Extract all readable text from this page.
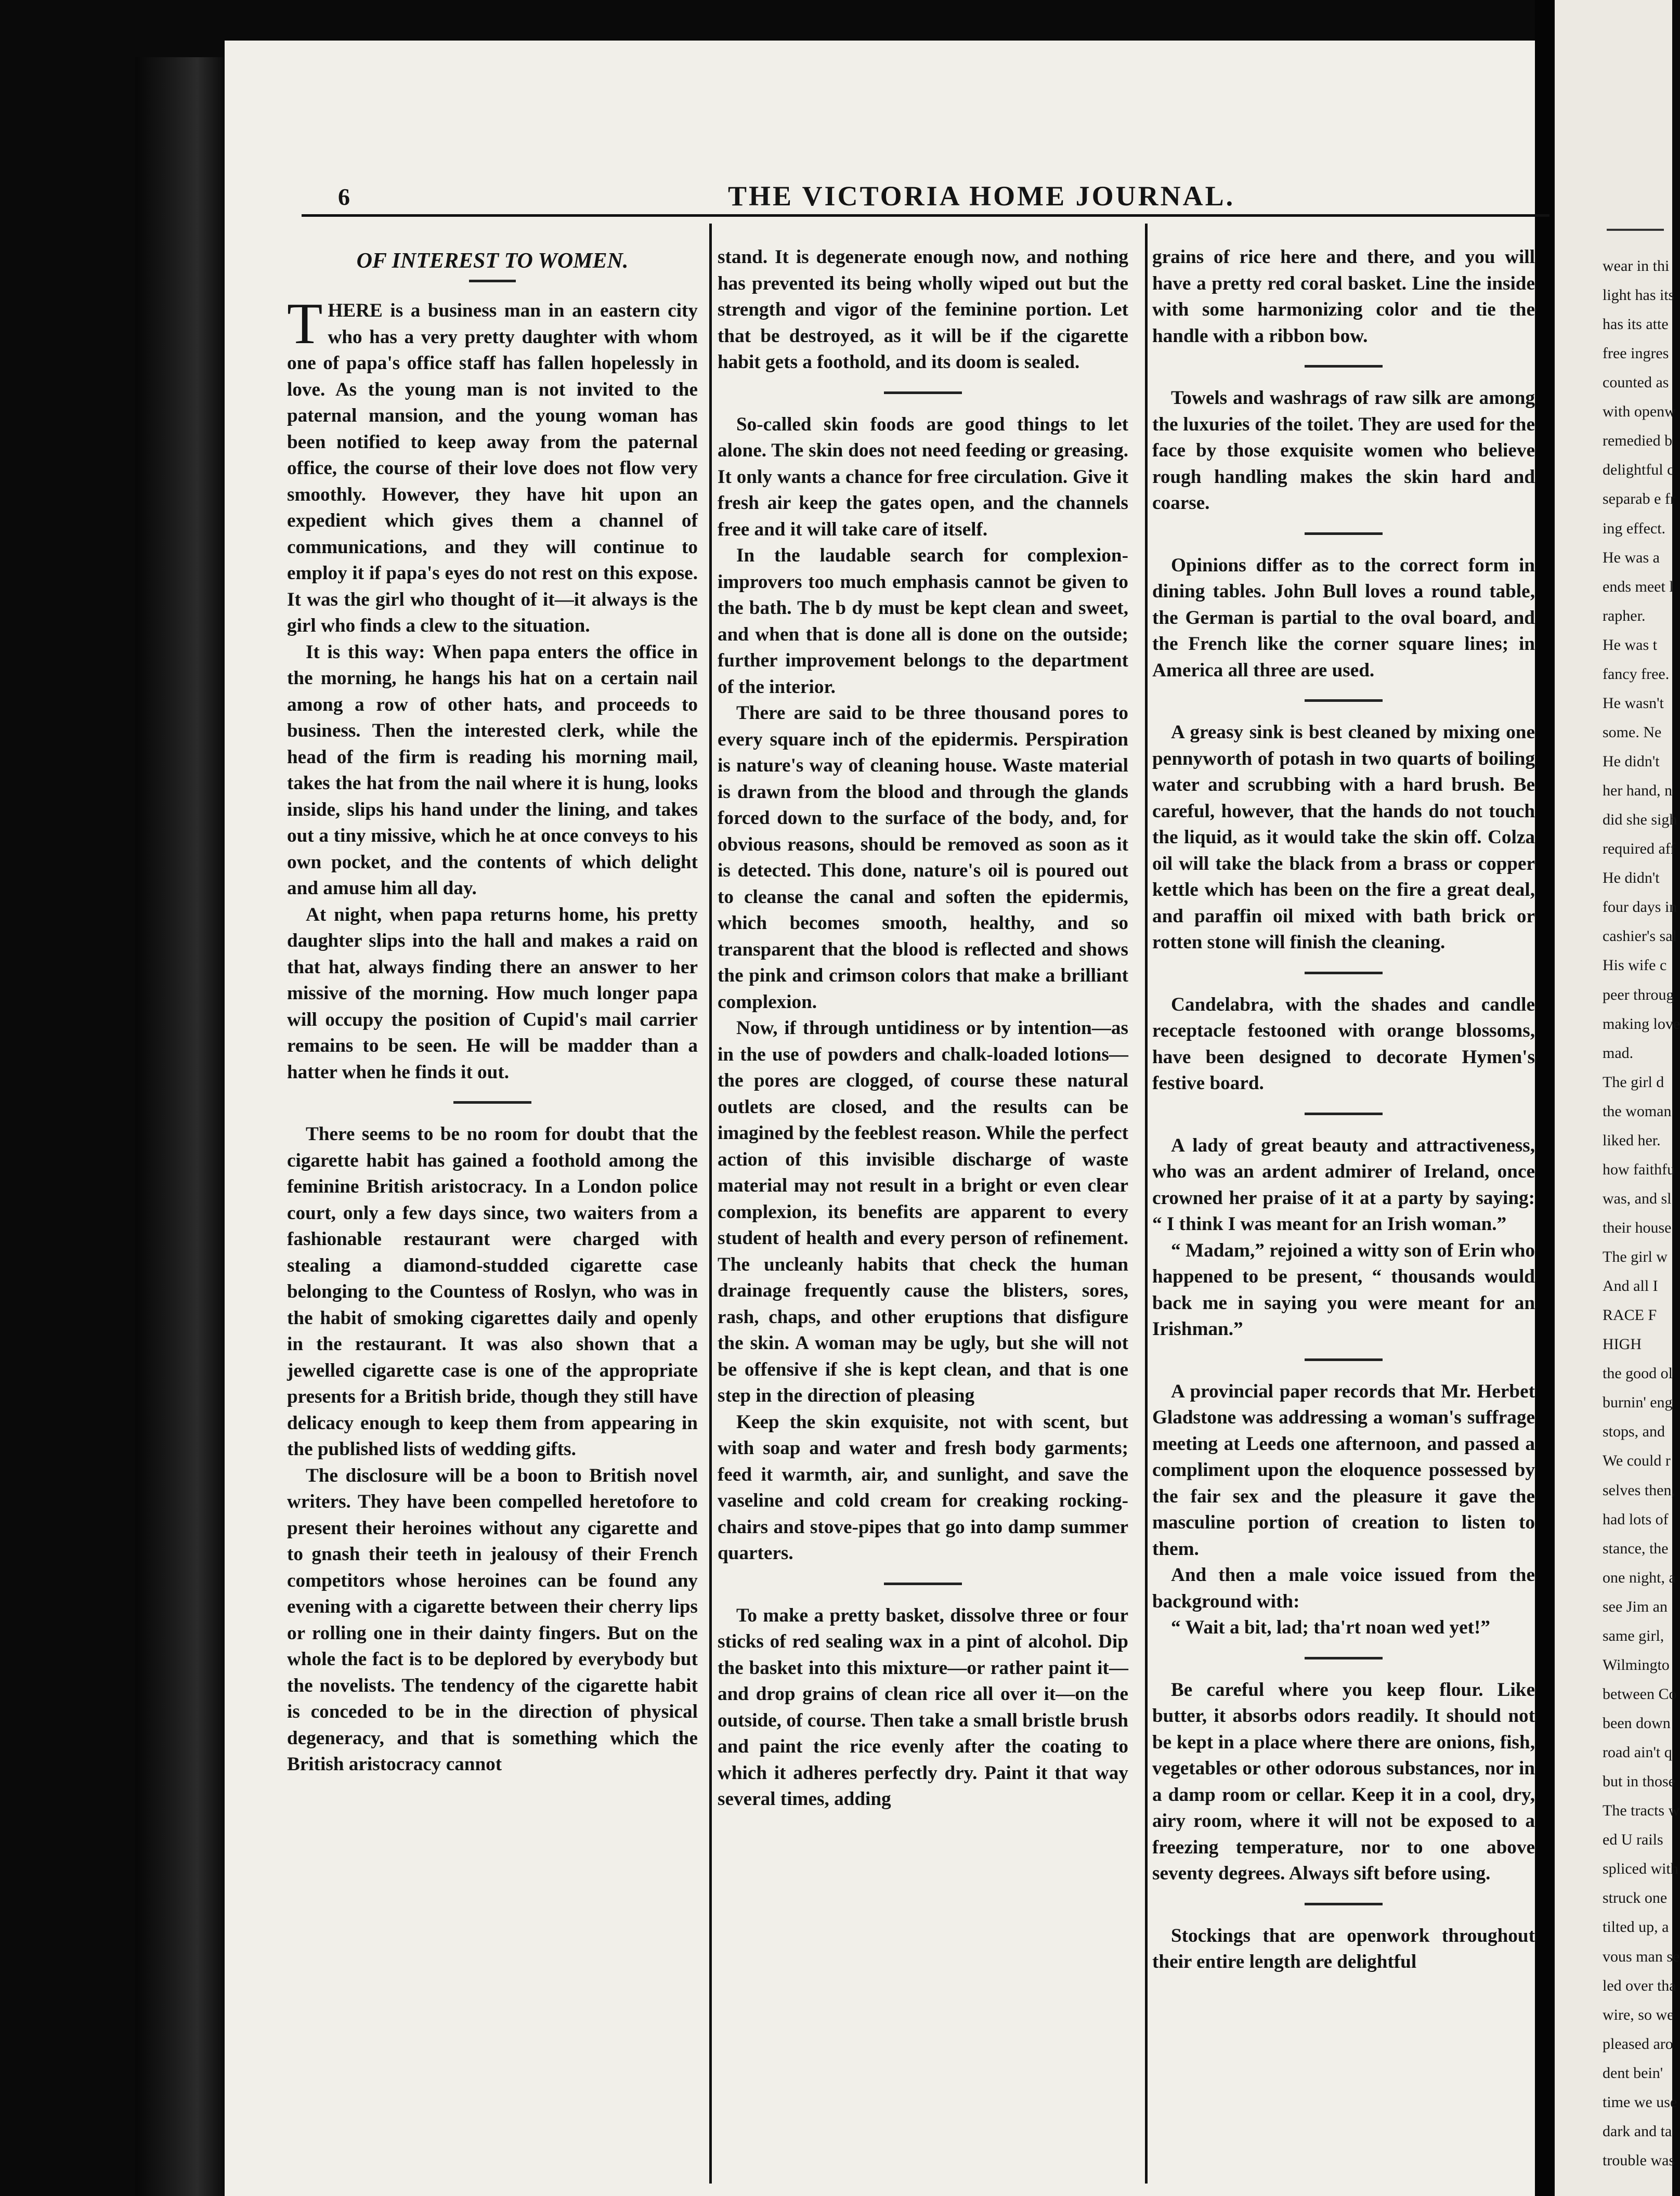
6	THE VICTORIA HOME JOURNAL.
OF INTEREST TO WOMEN.

THERE is a business man in an eastern city who has a very pretty daughter with whom one of papa's office staff has fallen hopelessly in love. As the young man is not invited to the paternal mansion, and the young woman has been notified to keep away from the paternal office, the course of their love does not flow very smoothly. However, they have hit upon an expedient which gives them a channel of communications, and they will continue to employ it if papa's eyes do not rest on this expose. It was the girl who thought of it—it always is the girl who finds a clew to the situation.

It is this way: When papa enters the office in the morning, he hangs his hat on a certain nail among a row of other hats, and proceeds to business. Then the interested clerk, while the head of the firm is reading his morning mail, takes the hat from the nail where it is hung, looks inside, slips his hand under the lining, and takes out a tiny missive, which he at once conveys to his own pocket, and the contents of which delight and amuse him all day.

At night, when papa returns home, his pretty daughter slips into the hall and makes a raid on that hat, always finding there an answer to her missive of the morning. How much longer papa will occupy the position of Cupid's mail carrier remains to be seen. He will be madder than a hatter when he finds it out.

There seems to be no room for doubt that the cigarette habit has gained a foothold among the feminine British aristocracy. In a London police court, only a few days since, two waiters from a fashionable restaurant were charged with stealing a diamond-studded cigarette case belonging to the Countess of Roslyn, who was in the habit of smoking cigarettes daily and openly in the restaurant. It was also shown that a jewelled cigarette case is one of the appropriate presents for a British bride, though they still have delicacy enough to keep them from appearing in the published lists of wedding gifts.

The disclosure will be a boon to British novel writers. They have been compelled heretofore to present their heroines without any cigarette and to gnash their teeth in jealousy of their French competitors whose heroines can be found any evening with a cigarette between their cherry lips or rolling one in their dainty fingers. But on the whole the fact is to be deplored by everybody but the novelists. The tendency of the cigarette habit is conceded to be in the direction of physical degeneracy, and that is something which the British aristocracy cannot

stand. It is degenerate enough now, and nothing has prevented its being wholly wiped out but the strength and vigor of the feminine portion. Let that be destroyed, as it will be if the cigarette habit gets a foothold, and its doom is sealed.

So-called skin foods are good things to let alone. The skin does not need feeding or greasing. It only wants a chance for free circulation. Give it fresh air keep the gates open, and the channels free and it will take care of itself.

In the laudable search for complexion-improvers too much emphasis cannot be given to the bath. The b dy must be kept clean and sweet, and when that is done all is done on the outside; further improvement belongs to the department of the interior.

There are said to be three thousand pores to every square inch of the epidermis. Perspiration is nature's way of cleaning house. Waste material is drawn from the blood and through the glands forced down to the surface of the body, and, for obvious reasons, should be removed as soon as it is detected. This done, nature's oil is poured out to cleanse the canal and soften the epidermis, which becomes smooth, healthy, and so transparent that the blood is reflected and shows the pink and crimson colors that make a brilliant complexion.

Now, if through untidiness or by intention—as in the use of powders and chalk-loaded lotions—the pores are clogged, of course these natural outlets are closed, and the results can be imagined by the feeblest reason. While the perfect action of this invisible discharge of waste material may not result in a bright or even clear complexion, its benefits are apparent to every student of health and every person of refinement. The uncleanly habits that check the human drainage frequently cause the blisters, sores, rash, chaps, and other eruptions that disfigure the skin. A woman may be ugly, but she will not be offensive if she is kept clean, and that is one step in the direction of pleasing

Keep the skin exquisite, not with scent, but with soap and water and fresh body garments; feed it warmth, air, and sunlight, and save the vaseline and cold cream for creaking rocking-chairs and stove-pipes that go into damp summer quarters.

To make a pretty basket, dissolve three or four sticks of red sealing wax in a pint of alcohol. Dip the basket into this mixture—or rather paint it—and drop grains of clean rice all over it—on the outside, of course. Then take a small bristle brush and paint the rice evenly after the coating to which it adheres perfectly dry. Paint it that way several times, adding

grains of rice here and there, and you will have a pretty red coral basket. Line the inside with some harmonizing color and tie the handle with a ribbon bow.

Towels and washrags of raw silk are among the luxuries of the toilet. They are used for the face by those exquisite women who believe rough handling makes the skin hard and coarse.

Opinions differ as to the correct form in dining tables. John Bull loves a round table, the German is partial to the oval board, and the French like the corner square lines; in America all three are used.

A greasy sink is best cleaned by mixing one pennyworth of potash in two quarts of boiling water and scrubbing with a hard brush. Be careful, however, that the hands do not touch the liquid, as it would take the skin off. Colza oil will take the black from a brass or copper kettle which has been on the fire a great deal, and paraffin oil mixed with bath brick or rotten stone will finish the cleaning.

Candelabra, with the shades and candle receptacle festooned with orange blossoms, have been designed to decorate Hymen's festive board.

A lady of great beauty and attractiveness, who was an ardent admirer of Ireland, once crowned her praise of it at a party by saying: “ I think I was meant for an Irish woman.”

“ Madam,” rejoined a witty son of Erin who happened to be present, “ thousands would back me in saying you were meant for an Irishman.”

A provincial paper records that Mr. Herbet Gladstone was addressing a woman's suffrage meeting at Leeds one afternoon, and passed a compliment upon the eloquence possessed by the fair sex and the pleasure it gave the masculine portion of creation to listen to them.

And then a male voice issued from the background with:

“ Wait a bit, lad; tha'rt noan wed yet!”

Be careful where you keep flour. Like butter, it absorbs odors readily. It should not be kept in a place where there are onions, fish, vegetables or other odorous substances, nor in a damp room or cellar. Keep it in a cool, dry, airy room, where it will not be exposed to a freezing temperature, nor to one above seventy degrees. Always sift before using.

Stockings that are openwork throughout their entire length are delightful

wear in thi
light has its
has its atte
free ingres
counted as
with openw
remedied b
delightful c
separab e fr
ing effect.
He was a
ends meet l
rapher.
He was t
fancy free.
He wasn't
some. Ne
He didn't
her hand, n
did she sigh
required aff
He didn't
four days in
cashier's sal
His wife c
peer throug
making love
mad.
The girl d
the woman
liked her.
how faithfu
was, and sl
their house
The girl w
And all I
RACE F
HIGH
the good ol
burnin' eng
stops, and
We could r
selves then,
had lots of
stance, the
one night, a
see Jim an
same girl,
Wilmingto
between Co
been down
road ain't q
but in those
The tracts w
ed U rails
spliced with
struck one
tilted up, a
vous man se
led over tha
wire, so we
pleased aro
dent bein'
time we use
dark and ta
trouble was
